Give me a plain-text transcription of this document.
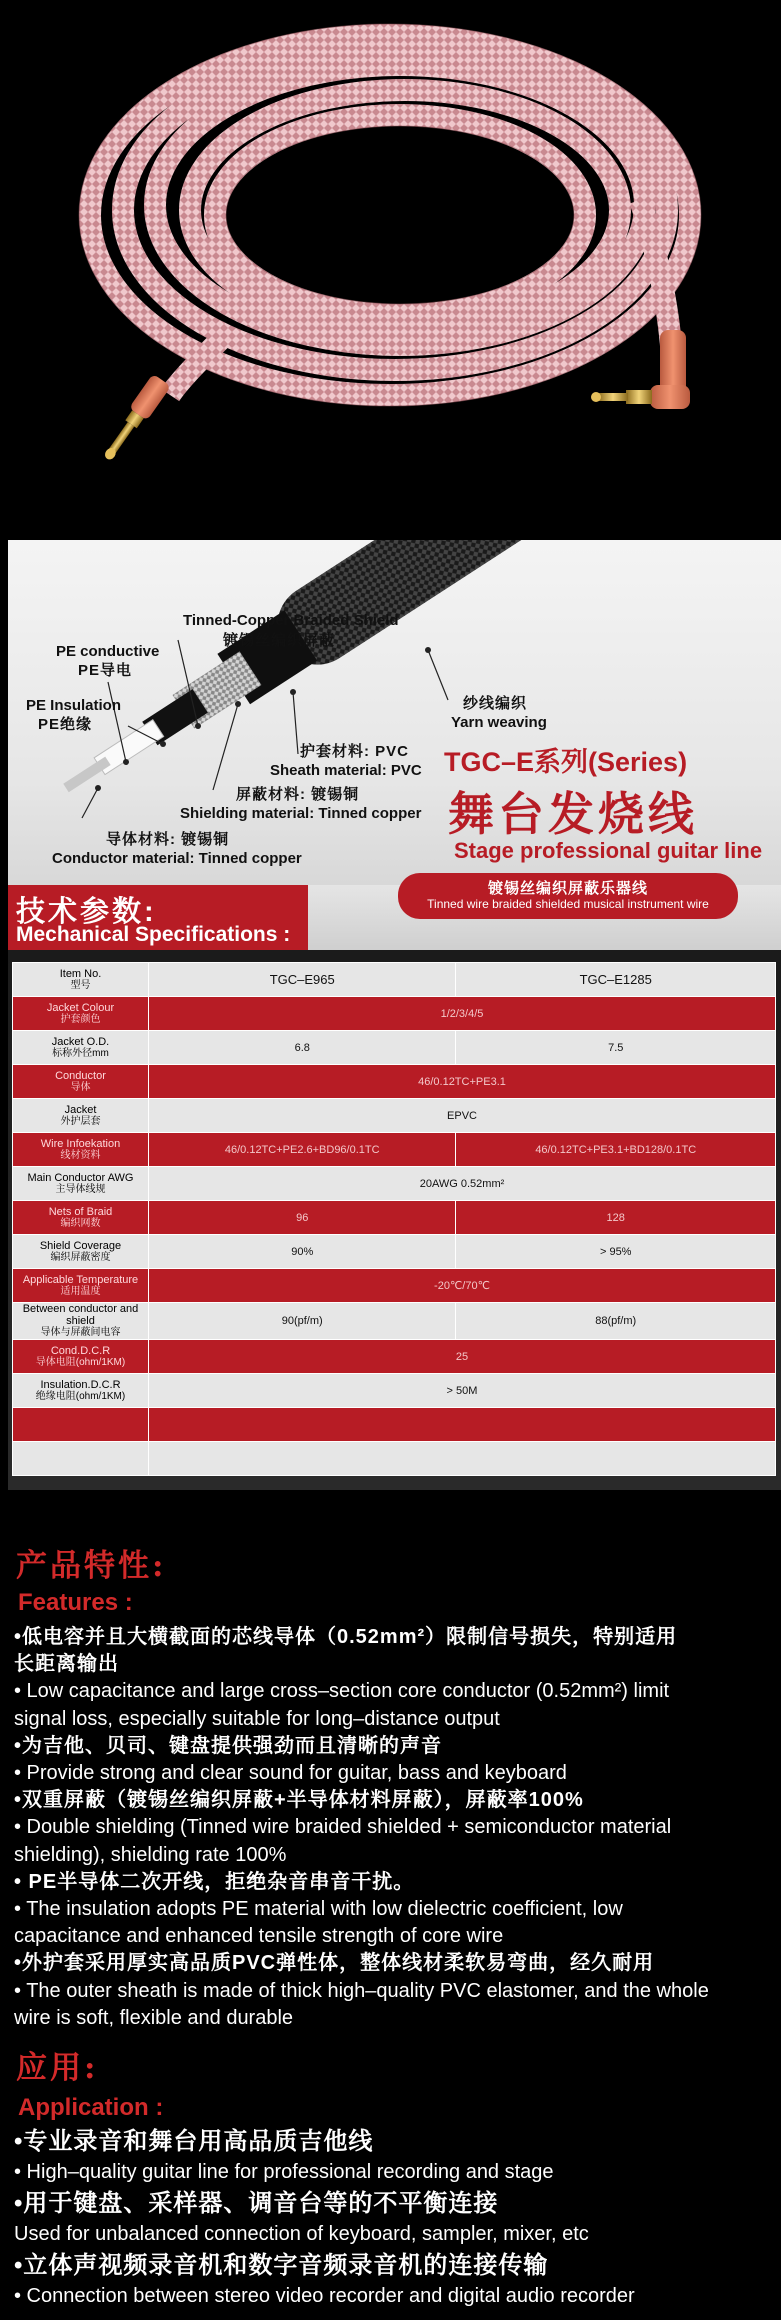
Tinned-Copper Braided Shield
镀锡丝编织屏蔽
PE conductive
PE导电
PE Insulation
PE绝缘
纱线编织
Yarn weaving
护套材料: PVC
Sheath material: PVC
屏蔽材料: 镀锡铜
Shielding material: Tinned copper
导体材料: 镀锡铜
Conductor material: Tinned copper
TGC–E系列(Series)
舞台发烧线
Stage professional guitar line
镀锡丝编织屏蔽乐器线
Tinned wire braided shielded musical instrument wire
技术参数:
Mechanical Specifications :
Item No.
型号	TGC–E965	TGC–E1285
Jacket Colour
护套颜色	1/2/3/4/5	
Jacket O.D.
标称外径mm	6.8	7.5
Conductor
导体	46/0.12TC+PE3.1	
Jacket
外护层套	EPVC	
Wire Infoekation
线材资料	46/0.12TC+PE2.6+BD96/0.1TC	46/0.12TC+PE3.1+BD128/0.1TC
Main Conductor AWG
主导体线规	20AWG 0.52mm²	
Nets of Braid
编织网数	96	128
Shield Coverage
编织屏蔽密度	90%	> 95%
Applicable Temperature
适用温度	-20℃/70℃	
Between conductor and shield
导体与屏蔽间电容	90(pf/m)	88(pf/m)
Cond.D.C.R
导体电阻(ohm/1KM)	25	
Insulation.D.C.R
绝缘电阻(ohm/1KM)	> 50M	

产品特性:
Features :
•低电容并且大横截面的芯线导体（0.52mm²）限制信号损失，特别适用
长距离输出
• Low capacitance and large cross–section core conductor (0.52mm²) limit
signal loss, especially suitable for long–distance output
•为吉他、贝司、键盘提供强劲而且清晰的声音
• Provide strong and clear sound for guitar, bass and keyboard
•双重屏蔽（镀锡丝编织屏蔽+半导体材料屏蔽），屏蔽率100%
• Double shielding (Tinned wire braided shielded + semiconductor material
shielding), shielding rate 100%
• PE半导体二次开线，拒绝杂音串音干扰。
• The insulation adopts PE material with low dielectric coefficient, low
capacitance and enhanced tensile strength of core wire
•外护套采用厚实高品质PVC弹性体，整体线材柔软易弯曲，经久耐用
• The outer sheath is made of thick high–quality PVC elastomer, and the whole
wire is soft, flexible and durable
应用:
Application :
•专业录音和舞台用高品质吉他线
• High–quality guitar line for professional recording and stage
•用于键盘、采样器、调音台等的不平衡连接
Used for unbalanced connection of keyboard, sampler, mixer, etc
•立体声视频录音机和数字音频录音机的连接传输
• Connection between stereo video recorder and digital audio recorder
